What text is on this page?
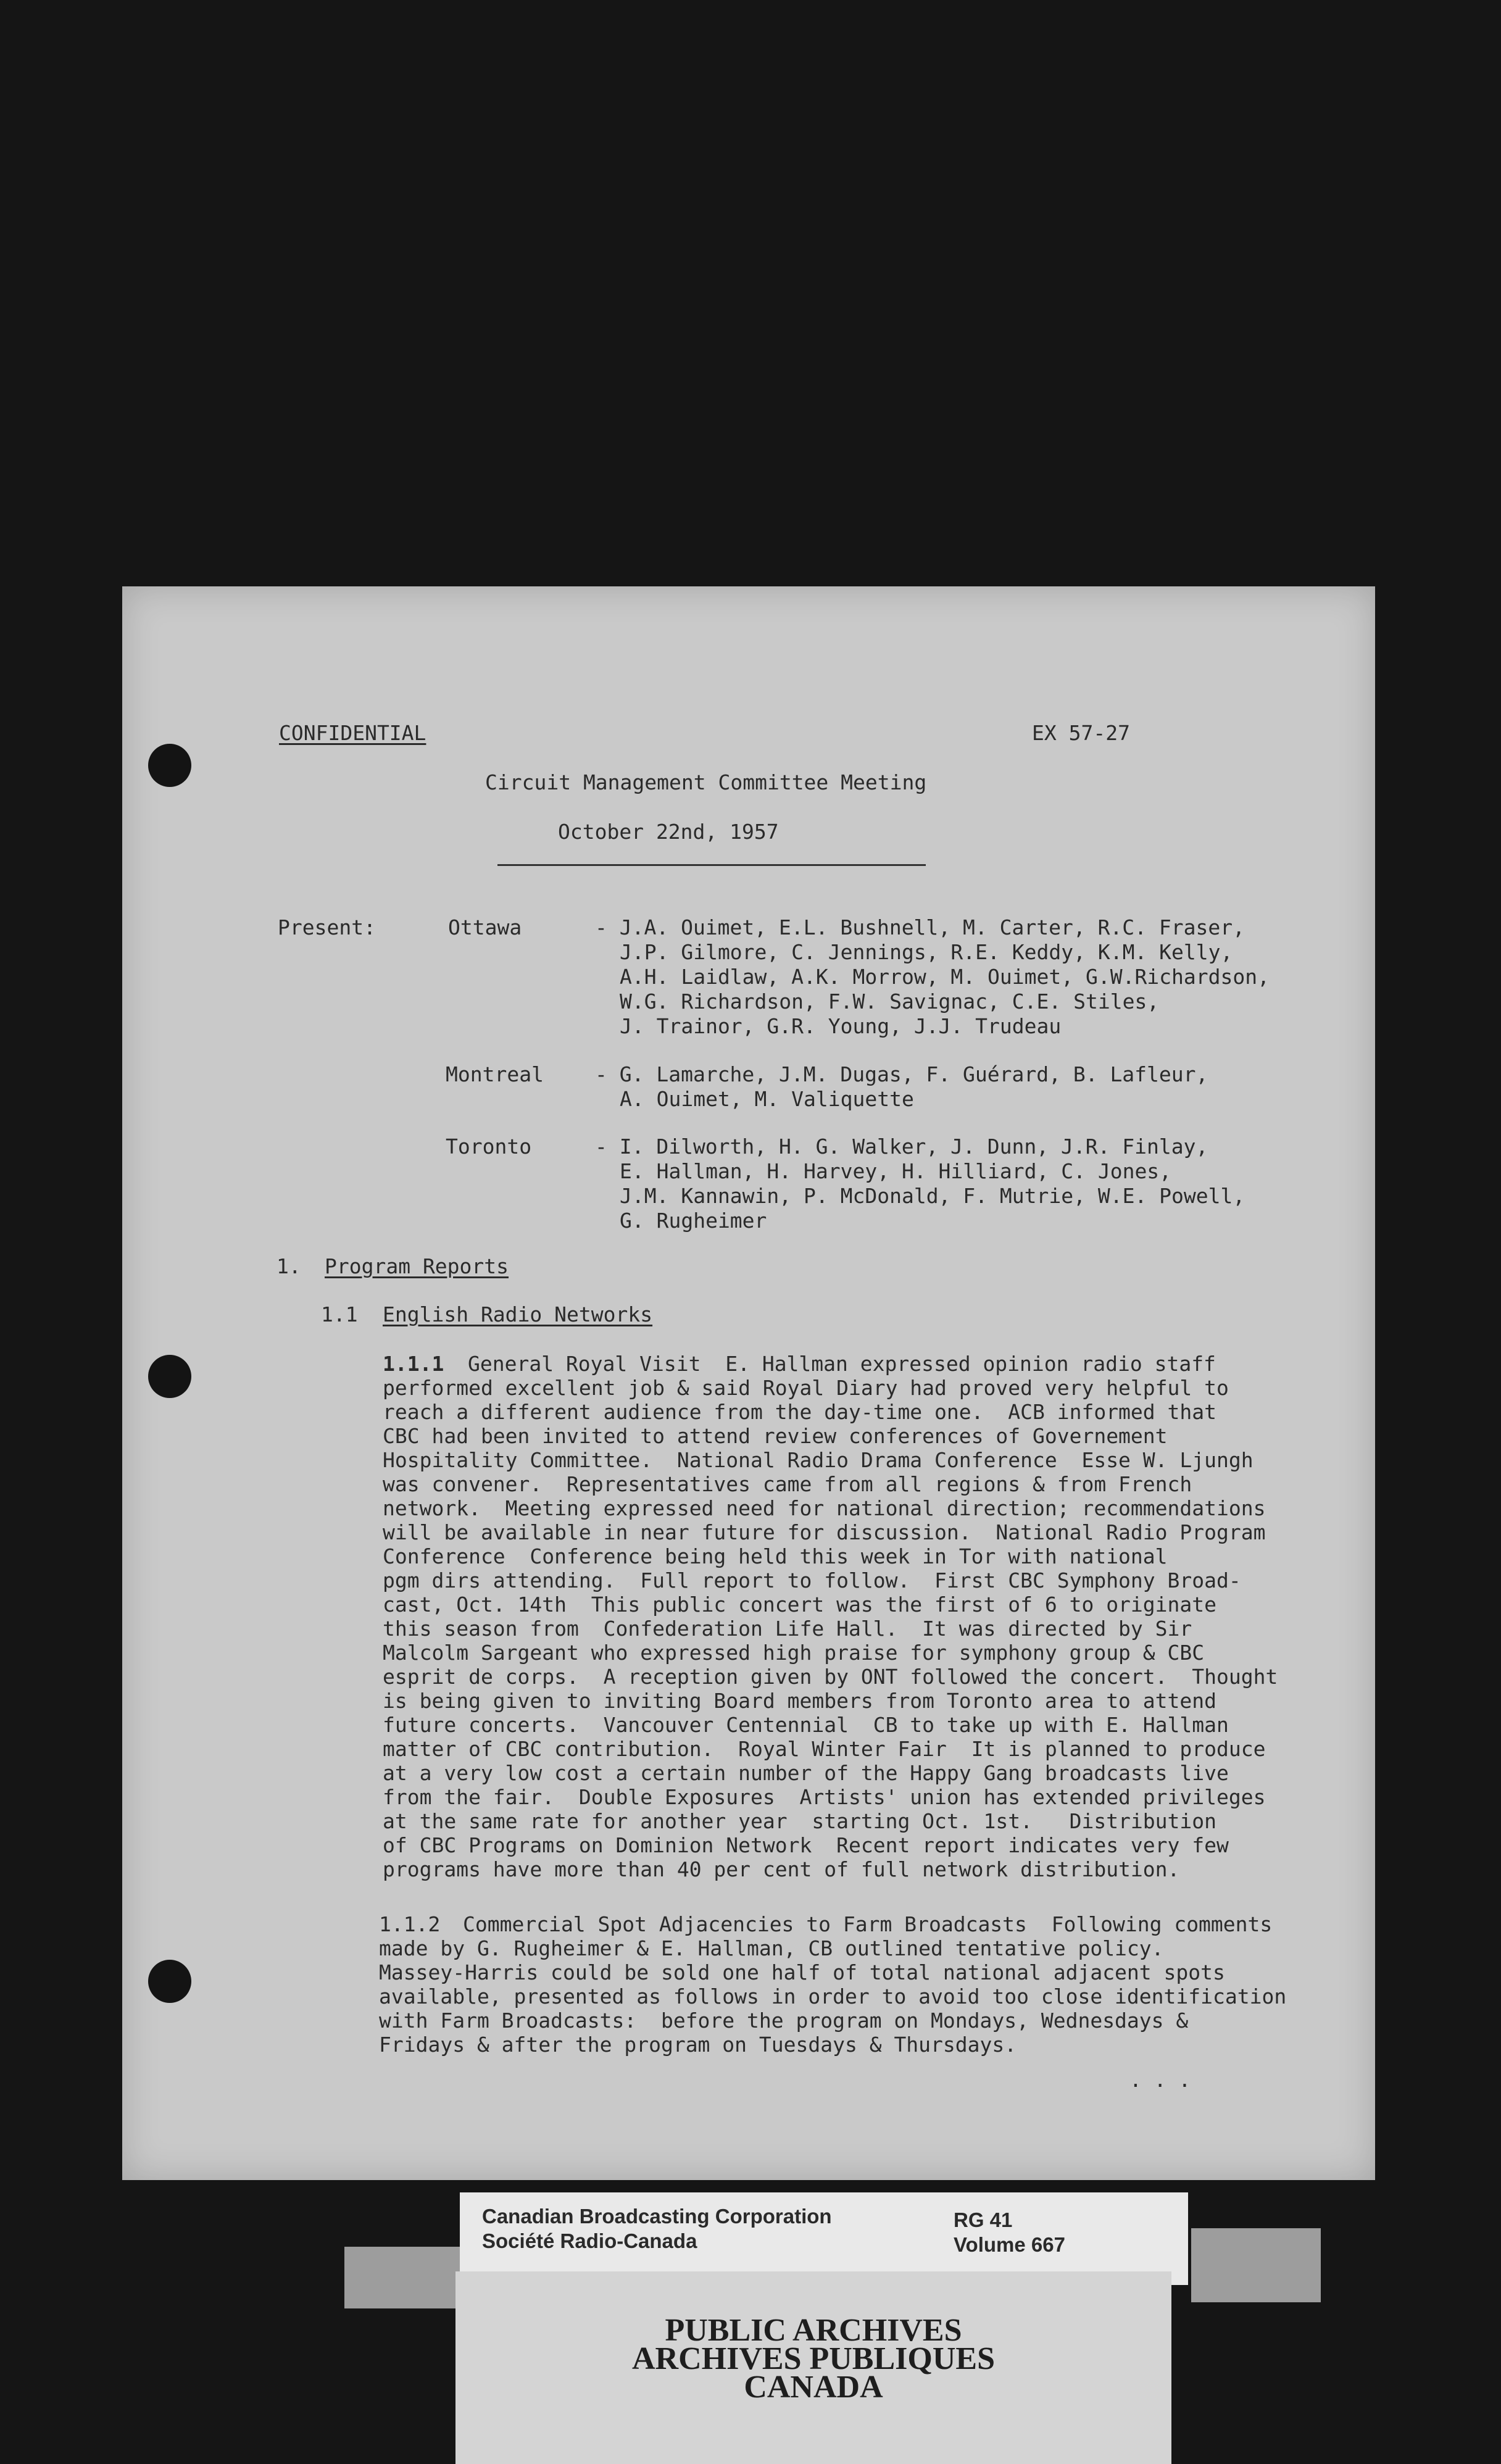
CONFIDENTIAL	EX 57-27
Circuit Management Committee Meeting
October 22nd, 1957
Present:	Ottawa	- J.A. Ouimet, E.L. Bushnell, M. Carter, R.C. Fraser,
J.P. Gilmore, C. Jennings, R.E. Keddy, K.M. Kelly,
A.H. Laidlaw, A.K. Morrow, M. Ouimet, G.W.Richardson,
W.G. Richardson, F.W. Savignac, C.E. Stiles,
J. Trainor, G.R. Young, J.J. Trudeau
Montreal	- G. Lamarche, J.M. Dugas, F. Guérard, B. Lafleur,
A. Ouimet, M. Valiquette
Toronto	- I. Dilworth, H. G. Walker, J. Dunn, J.R. Finlay,
E. Hallman, H. Harvey, H. Hilliard, C. Jones,
J.M. Kannawin, P. McDonald, F. Mutrie, W.E. Powell,
G. Rugheimer
1. Program Reports
1.1 English Radio Networks
1.1.1 General Royal Visit  E. Hallman expressed opinion radio staff
performed excellent job & said Royal Diary had proved very helpful to
reach a different audience from the day-time one.  ACB informed that
CBC had been invited to attend review conferences of Governement
Hospitality Committee.  National Radio Drama Conference  Esse W. Ljungh
was convener.  Representatives came from all regions & from French
network.  Meeting expressed need for national direction; recommendations
will be available in near future for discussion.  National Radio Program
Conference  Conference being held this week in Tor with national
pgm dirs attending.  Full report to follow.  First CBC Symphony Broad-
cast, Oct. 14th  This public concert was the first of 6 to originate
this season from  Confederation Life Hall.  It was directed by Sir
Malcolm Sargeant who expressed high praise for symphony group & CBC
esprit de corps.  A reception given by ONT followed the concert.  Thought
is being given to inviting Board members from Toronto area to attend
future concerts.  Vancouver Centennial  CB to take up with E. Hallman
matter of CBC contribution.  Royal Winter Fair  It is planned to produce
at a very low cost a certain number of the Happy Gang broadcasts live
from the fair.  Double Exposures  Artists' union has extended privileges
at the same rate for another year  starting Oct. 1st.   Distribution
of CBC Programs on Dominion Network  Recent report indicates very few
programs have more than 40 per cent of full network distribution.
1.1.2 Commercial Spot Adjacencies to Farm Broadcasts  Following comments
made by G. Rugheimer & E. Hallman, CB outlined tentative policy.
Massey-Harris could be sold one half of total national adjacent spots
available, presented as follows in order to avoid too close identification
with Farm Broadcasts:  before the program on Mondays, Wednesdays &
Fridays & after the program on Tuesdays & Thursdays.
. . .
Canadian Broadcasting Corporation
Société Radio-Canada
RG 41
Volume 667
PUBLIC ARCHIVES
ARCHIVES PUBLIQUES
CANADA
